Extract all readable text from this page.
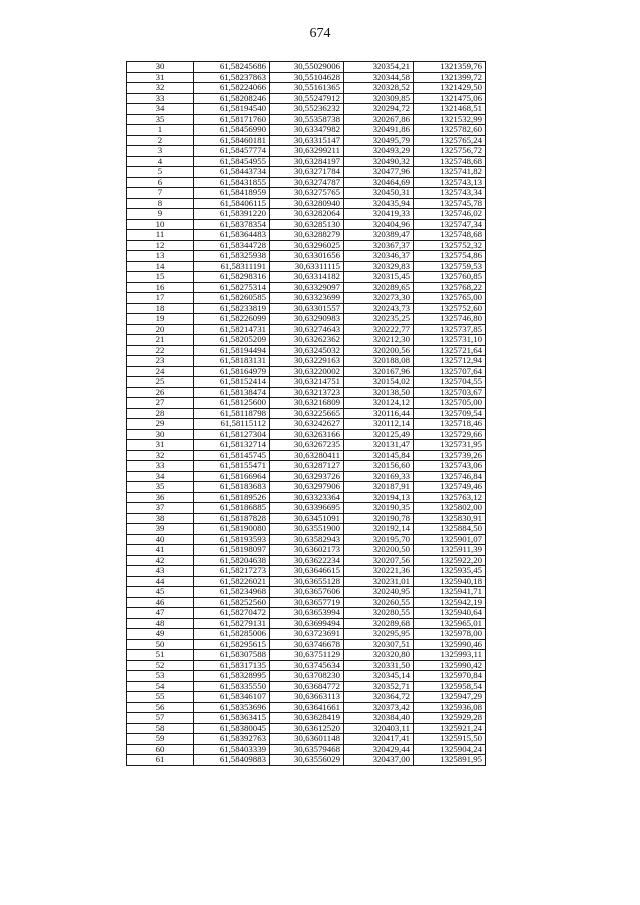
674
30	61,58245686	30,55029006	320354,21	1321359,76
31	61,58237863	30,55104628	320344,58	1321399,72
32	61,58224066	30,55161365	320328,52	1321429,50
33	61,58208246	30,55247912	320309,85	1321475,06
34	61,58194540	30,55236232	320294,72	1321468,51
35	61,58171760	30,55358738	320267,86	1321532,99
1	61,58456990	30,63347982	320491,86	1325782,60
2	61,58460181	30,63315147	320495,79	1325765,24
3	61,58457774	30,63299211	320493,29	1325756,72
4	61,58454955	30,63284197	320490,32	1325748,68
5	61,58443734	30,63271784	320477,96	1325741,82
6	61,58431855	30,63274787	320464,69	1325743,13
7	61,58418959	30,63275765	320450,31	1325743,34
8	61,58406115	30,63280940	320435,94	1325745,78
9	61,58391220	30,63282064	320419,33	1325746,02
10	61,58378354	30,63285130	320404,96	1325747,34
11	61,58364483	30,63288279	320389,47	1325748,68
12	61,58344728	30,63296025	320367,37	1325752,32
13	61,58325938	30,63301656	320346,37	1325754,86
14	61,58311191	30,63311115	320329,83	1325759,53
15	61,58298316	30,63314182	320315,45	1325760,85
16	61,58275314	30,63329097	320289,65	1325768,22
17	61,58260585	30,63323699	320273,30	1325765,00
18	61,58233819	30,63301557	320243,73	1325752,60
19	61,58226099	30,63290983	320235,25	1325746,80
20	61,58214731	30,63274643	320222,77	1325737,85
21	61,58205209	30,63262362	320212,30	1325731,10
22	61,58194494	30,63245032	320200,56	1325721,64
23	61,58183131	30,63229163	320188,08	1325712,94
24	61,58164979	30,63220002	320167,96	1325707,64
25	61,58152414	30,63214751	320154,02	1325704,55
26	61,58138474	30,63213723	320138,50	1325703,67
27	61,58125600	30,63216809	320124,12	1325705,00
28	61,58118798	30,63225665	320116,44	1325709,54
29	61,58115112	30,63242627	320112,14	1325718,46
30	61,58127304	30,63263166	320125,49	1325729,66
31	61,58132714	30,63267235	320131,47	1325731,95
32	61,58145745	30,63280411	320145,84	1325739,26
33	61,58155471	30,63287127	320156,60	1325743,06
34	61,58166964	30,63293726	320169,33	1325746,84
35	61,58183683	30,63297906	320187,91	1325749,46
36	61,58189526	30,63323364	320194,13	1325763,12
37	61,58186885	30,63396695	320190,35	1325802,00
38	61,58187828	30,63451091	320190,78	1325830,91
39	61,58190080	30,63551900	320192,14	1325884,50
40	61,58193593	30,63582943	320195,70	1325901,07
41	61,58198097	30,63602173	320200,50	1325911,39
42	61,58204638	30,63622234	320207,56	1325922,20
43	61,58217273	30,63646615	320221,36	1325935,45
44	61,58226021	30,63655128	320231,01	1325940,18
45	61,58234968	30,63657606	320240,95	1325941,71
46	61,58252560	30,63657719	320260,55	1325942,19
47	61,58270472	30,63653994	320280,55	1325940,64
48	61,58279131	30,63699494	320289,68	1325965,01
49	61,58285006	30,63723691	320295,95	1325978,00
50	61,58295615	30,63746678	320307,51	1325990,46
51	61,58307588	30,63751129	320320,80	1325993,11
52	61,58317135	30,63745634	320331,50	1325990,42
53	61,58328995	30,63708230	320345,14	1325970,84
54	61,58335550	30,63684772	320352,71	1325958,54
55	61,58346107	30,63663113	320364,72	1325947,29
56	61,58353696	30,63641661	320373,42	1325936,08
57	61,58363415	30,63628419	320384,40	1325929,28
58	61,58380045	30,63612520	320403,11	1325921,24
59	61,58392763	30,63601148	320417,41	1325915,50
60	61,58403339	30,63579468	320429,44	1325904,24
61	61,58409883	30,63556029	320437,00	1325891,95
